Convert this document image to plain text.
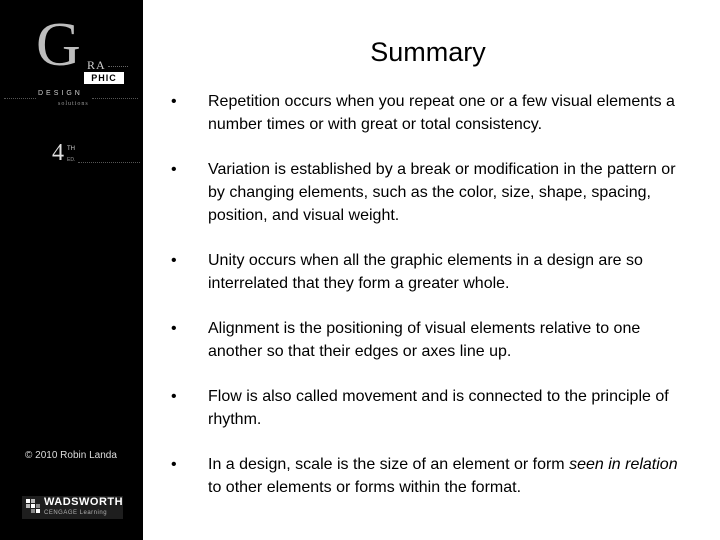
G RA
PHIC
DESIGN
solutions
4 TH
ED.
© 2010 Robin Landa
WADSWORTH
CENGAGE Learning
Summary
•	Repetition occurs when you repeat one or a few visual elements a number times or with great or total consistency.
•	Variation is established by a break or modification in the pattern or by changing elements, such as the color, size, shape, spacing, position, and visual weight.
•	Unity occurs when all the graphic elements in a design are so interrelated that they form a greater whole.
•	Alignment is the positioning of visual elements relative to one another so that their edges or axes line up.
•	Flow is also called movement and is connected to the principle of rhythm.
•	In a design, scale is the size of an element or form seen in relation to other elements or forms within the format.
